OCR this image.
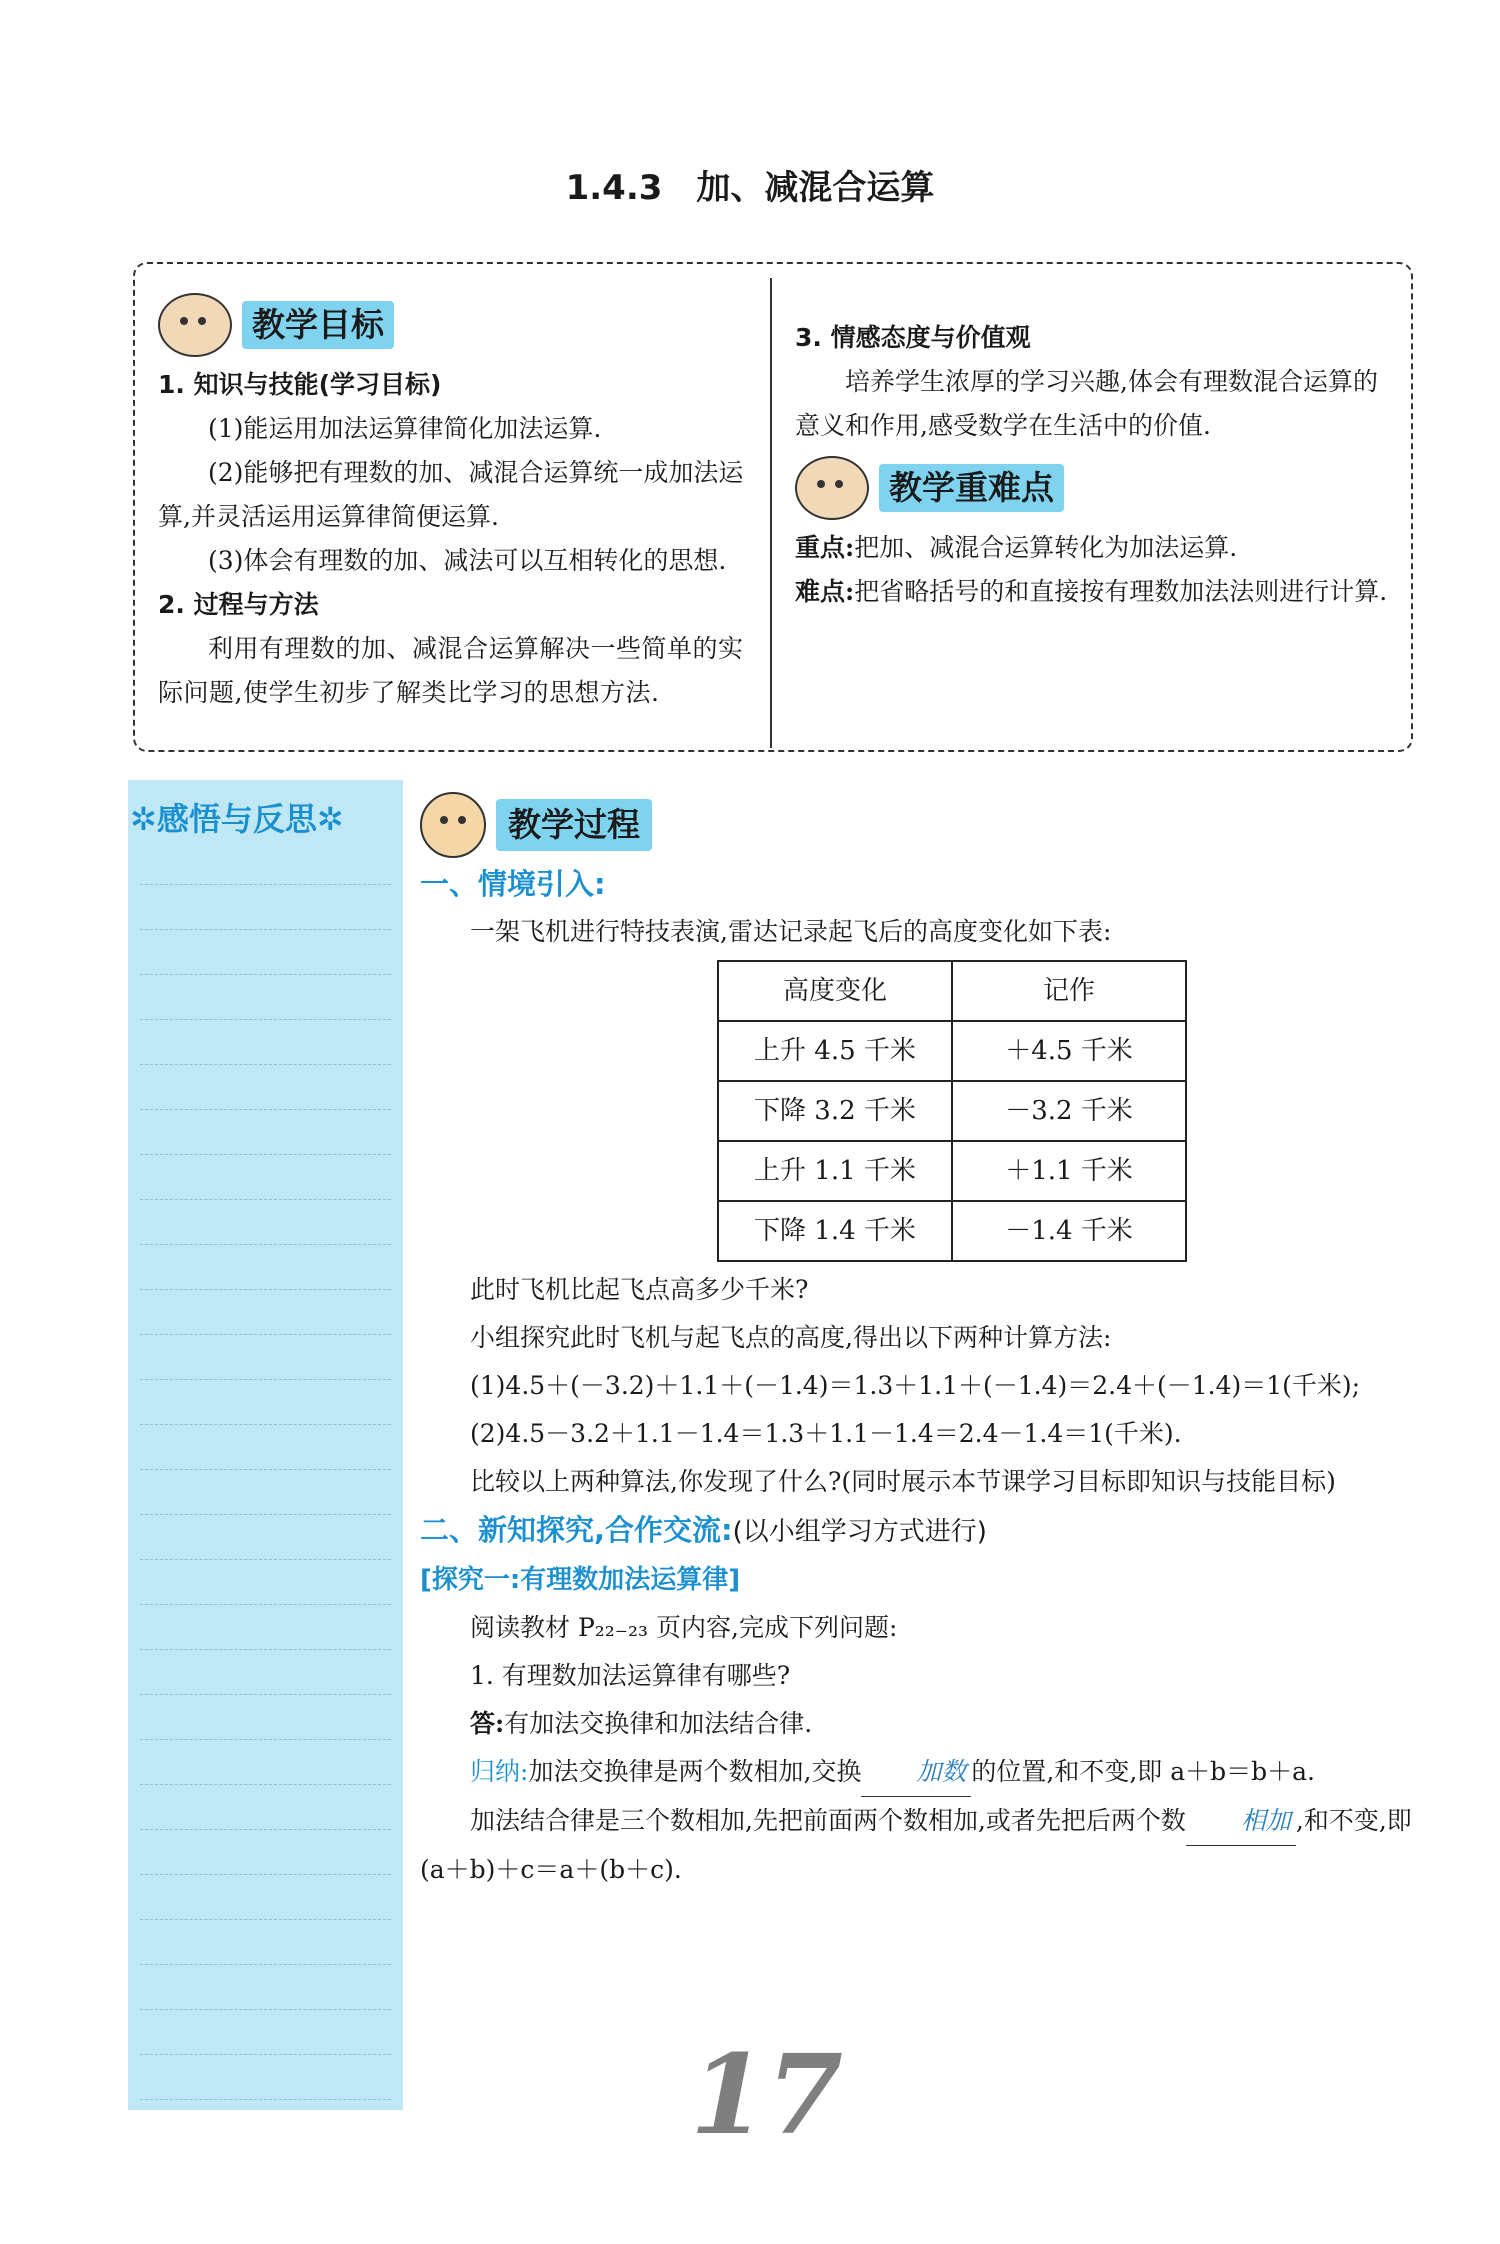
1.4.3　加、减混合运算
教学目标

1. 知识与技能(学习目标)

(1)能运用加法运算律简化加法运算.

(2)能够把有理数的加、减混合运算统一成加法运算,并灵活运用运算律简便运算.

(3)体会有理数的加、减法可以互相转化的思想.

2. 过程与方法

利用有理数的加、减混合运算解决一些简单的实际问题,使学生初步了解类比学习的思想方法.

3. 情感态度与价值观

培养学生浓厚的学习兴趣,体会有理数混合运算的意义和作用,感受数学在生活中的价值.

教学重难点

重点:把加、减混合运算转化为加法运算.

难点:把省略括号的和直接按有理数加法法则进行计算.

✲感悟与反思✲	教学过程
一、情境引入:

一架飞机进行特技表演,雷达记录起飞后的高度变化如下表:

高度变化	记作
上升 4.5 千米	＋4.5 千米
下降 3.2 千米	－3.2 千米
上升 1.1 千米	＋1.1 千米
下降 1.4 千米	－1.4 千米

此时飞机比起飞点高多少千米?

小组探究此时飞机与起飞点的高度,得出以下两种计算方法:

(1)4.5＋(－3.2)＋1.1＋(－1.4)＝1.3＋1.1＋(－1.4)＝2.4＋(－1.4)＝1(千米);

(2)4.5－3.2＋1.1－1.4＝1.3＋1.1－1.4＝2.4－1.4＝1(千米).

比较以上两种算法,你发现了什么?(同时展示本节课学习目标即知识与技能目标)

二、新知探究,合作交流:(以小组学习方式进行)
[探究一:有理数加法运算律]

阅读教材 P₂₂₋₂₃ 页内容,完成下列问题:

1. 有理数加法运算律有哪些?

答:有加法交换律和加法结合律.

归纳:加法交换律是两个数相加,交换 加数 的位置,和不变,即 a＋b＝b＋a.

加法结合律是三个数相加,先把前面两个数相加,或者先把后两个数 相加 ,和不变,即(a＋b)＋c＝a＋(b＋c).

17
